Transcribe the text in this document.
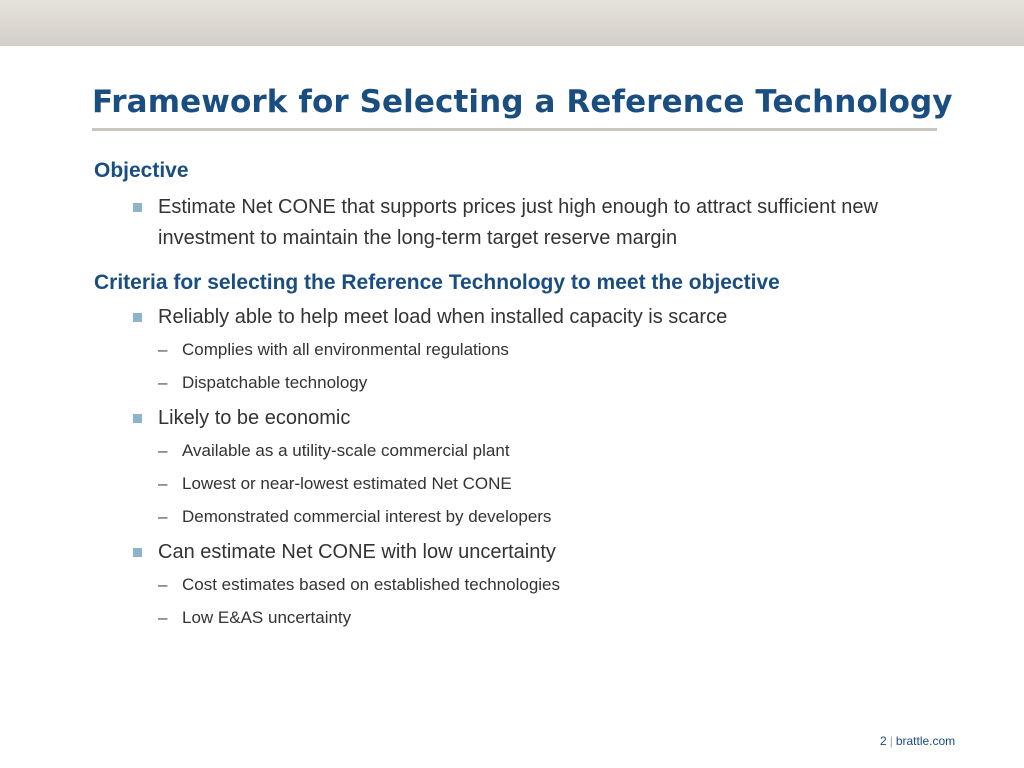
Framework for Selecting a Reference Technology
Objective
Estimate Net CONE that supports prices just high enough to attract sufficient new investment to maintain the long-term target reserve margin
Criteria for selecting the Reference Technology to meet the objective
Reliably able to help meet load when installed capacity is scarce
– Complies with all environmental regulations
– Dispatchable technology
Likely to be economic
– Available as a utility-scale commercial plant
– Lowest or near-lowest estimated Net CONE
– Demonstrated commercial interest by developers
Can estimate Net CONE with low uncertainty
– Cost estimates based on established technologies
– Low E&AS uncertainty
2 | brattle.com
